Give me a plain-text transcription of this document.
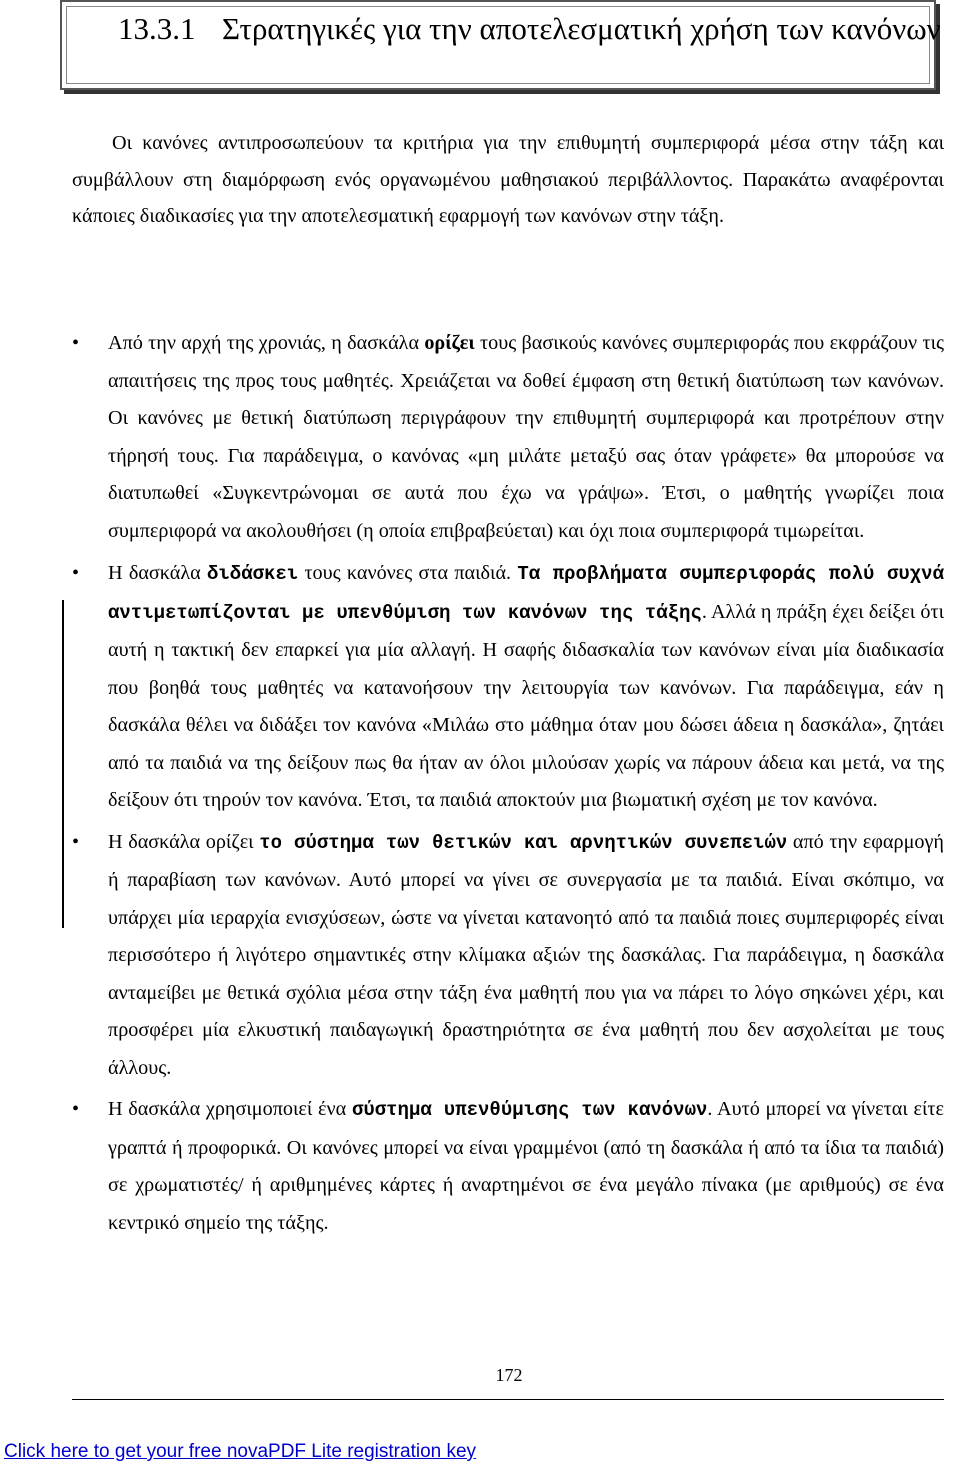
13.3.1 Στρατηγικές για την αποτελεσματική χρήση των κανόνων

Οι κανόνες αντιπροσωπεύουν τα κριτήρια για την επιθυμητή συμπεριφορά μέσα στην τάξη και συμβάλλουν στη διαμόρφωση ενός οργανωμένου μαθησιακού περιβάλλοντος. Παρακάτω αναφέρονται κάποιες διαδικασίες για την αποτελεσματική εφαρμογή των κανόνων στην τάξη.

• Από την αρχή της χρονιάς, η δασκάλα ορίζει τους βασικούς κανόνες συμπεριφοράς που εκφράζουν τις απαιτήσεις της προς τους μαθητές. Χρειάζεται να δοθεί έμφαση στη θετική διατύπωση των κανόνων. Οι κανόνες με θετική διατύπωση περιγράφουν την επιθυμητή συμπεριφορά και προτρέπουν στην τήρησή τους. Για παράδειγμα, ο κανόνας «μη μιλάτε μεταξύ σας όταν γράφετε» θα μπορούσε να διατυπωθεί «Συγκεντρώνομαι σε αυτά που έχω να γράψω». Έτσι, ο μαθητής γνωρίζει ποια συμπεριφορά να ακολουθήσει (η οποία επιβραβεύεται) και όχι ποια συμπεριφορά τιμωρείται.
• Η δασκάλα διδάσκει τους κανόνες στα παιδιά. Τα προβλήματα συμπεριφοράς πολύ συχνά αντιμετωπίζονται με υπενθύμιση των κανόνων της τάξης. Αλλά η πράξη έχει δείξει ότι αυτή η τακτική δεν επαρκεί για μία αλλαγή. Η σαφής διδασκαλία των κανόνων είναι μία διαδικασία που βοηθά τους μαθητές να κατανοήσουν την λειτουργία των κανόνων. Για παράδειγμα, εάν η δασκάλα θέλει να διδάξει τον κανόνα «Μιλάω στο μάθημα όταν μου δώσει άδεια η δασκάλα», ζητάει από τα παιδιά να της δείξουν πως θα ήταν αν όλοι μιλούσαν χωρίς να πάρουν άδεια και μετά, να της δείξουν ότι τηρούν τον κανόνα. Έτσι, τα παιδιά αποκτούν μια βιωματική σχέση με τον κανόνα.
• Η δασκάλα ορίζει το σύστημα των θετικών και αρνητικών συνεπειών από την εφαρμογή ή παραβίαση των κανόνων. Αυτό μπορεί να γίνει σε συνεργασία με τα παιδιά. Είναι σκόπιμο, να υπάρχει μία ιεραρχία ενισχύσεων, ώστε να γίνεται κατανοητό από τα παιδιά ποιες συμπεριφορές είναι περισσότερο ή λιγότερο σημαντικές στην κλίμακα αξιών της δασκάλας. Για παράδειγμα, η δασκάλα ανταμείβει με θετικά σχόλια μέσα στην τάξη ένα μαθητή που για να πάρει το λόγο σηκώνει χέρι, και προσφέρει μία ελκυστική παιδαγωγική δραστηριότητα σε ένα μαθητή που δεν ασχολείται με τους άλλους.
• Η δασκάλα χρησιμοποιεί ένα σύστημα υπενθύμισης των κανόνων. Αυτό μπορεί να γίνεται είτε γραπτά ή προφορικά. Οι κανόνες μπορεί να είναι γραμμένοι (από τη δασκάλα ή από τα ίδια τα παιδιά) σε χρωματιστές/ ή αριθμημένες κάρτες ή αναρτημένοι σε ένα μεγάλο πίνακα (με αριθμούς) σε ένα κεντρικό σημείο της τάξης.
172
Click here to get your free novaPDF Lite registration key
